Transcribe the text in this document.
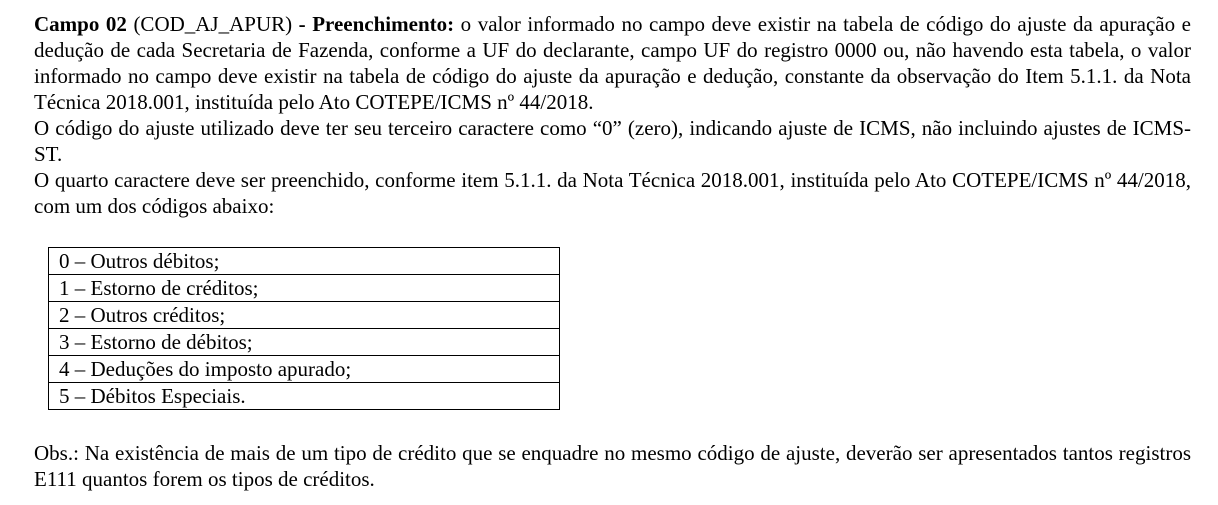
Campo 02 (COD_AJ_APUR) - Preenchimento: o valor informado no campo deve existir na tabela de código do ajuste da apuração e dedução de cada Secretaria de Fazenda, conforme a UF do declarante, campo UF do registro 0000 ou, não havendo esta tabela, o valor informado no campo deve existir na tabela de código do ajuste da apuração e dedução, constante da observação do Item 5.1.1. da Nota Técnica 2018.001, instituída pelo Ato COTEPE/ICMS nº 44/2018.

O código do ajuste utilizado deve ter seu terceiro caractere como “0” (zero), indicando ajuste de ICMS, não incluindo ajustes de ICMS-ST.

O quarto caractere deve ser preenchido, conforme item 5.1.1. da Nota Técnica 2018.001, instituída pelo Ato COTEPE/ICMS nº 44/2018, com um dos códigos abaixo:

0 – Outros débitos;
1 – Estorno de créditos;
2 – Outros créditos;
3 – Estorno de débitos;
4 – Deduções do imposto apurado;
5 – Débitos Especiais.

Obs.: Na existência de mais de um tipo de crédito que se enquadre no mesmo código de ajuste, deverão ser apresentados tantos registros E111 quantos forem os tipos de créditos.
